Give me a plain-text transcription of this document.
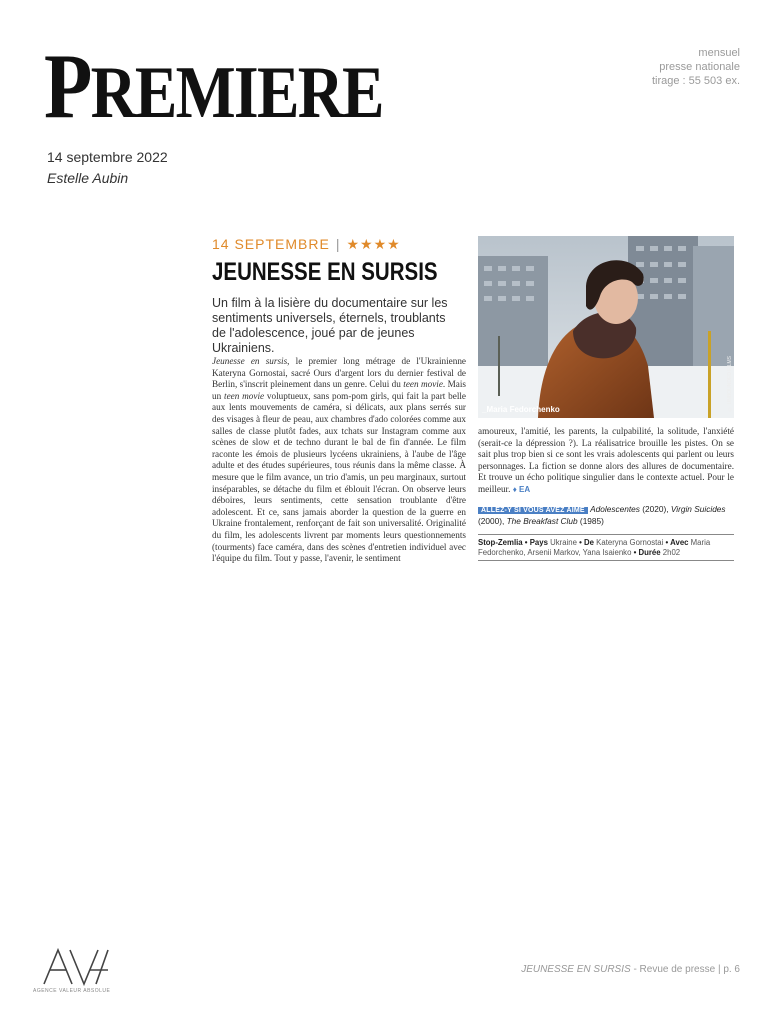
PREMIERE	mensuel
presse nationale
tirage : 55 503 ex.
14 septembre 2022
Estelle Aubin
14 SEPTEMBRE | ★★★★
JEUNESSE EN SURSIS
Un film à la lisière du documentaire sur les sentiments universels, éternels, troublants de l'adolescence, joué par de jeunes Ukrainiens.

Jeunesse en sursis, le premier long métrage de l'Ukrainienne Kateryna Gornostai, sacré Ours d'argent lors du dernier festival de Berlin, s'inscrit pleinement dans un genre. Celui du teen movie. Mais un teen movie voluptueux, sans pom-pom girls, qui fait la part belle aux lents mouvements de caméra, si délicats, aux plans serrés sur des visages à fleur de peau, aux chambres d'ado colorées comme aux salles de classe plutôt fades, aux tchats sur Instagram comme aux scènes de slow et de techno durant le bal de fin d'année. Le film raconte les émois de plusieurs lycéens ukrainiens, à l'aube de l'âge adulte et des études supérieures, tous réunis dans la même classe. À mesure que le film avance, un trio d'amis, un peu marginaux, surtout inséparables, se détache du film et éblouit l'écran. On observe leurs déboires, leurs sentiments, cette sensation troublante d'être adolescent. Et ce, sans jamais aborder la question de la guerre en Ukraine frontalement, renforçant de fait son universalité. Originalité du film, les adolescents livrent par moments leurs questionnements (tourments) face caméra, dans des scènes d'entretien individuel avec l'équipe du film. Tout y passe, l'avenir, le sentiment

_Maria Fedorchenko	© UNBOUNDED FILMS

amoureux, l'amitié, les parents, la culpabilité, la solitude, l'anxiété (serait-ce la dépression ?). La réalisatrice brouille les pistes. On se sait plus trop bien si ce sont les vrais adolescents qui parlent ou leurs personnages. La fiction se donne alors des allures de documentaire. Et trouve un écho politique singulier dans le contexte actuel. Pour le meilleur. ♦ EA

ALLEZ-Y SI VOUS AVEZ AIMÉ Adolescentes (2020), Virgin Suicides (2000), The Breakfast Club (1985)
Stop-Zemlia • Pays Ukraine • De Kateryna Gornostai • Avec Maria Fedorchenko, Arsenii Markov, Yana Isaienko • Durée 2h02
AGENCE VALEUR ABSOLUE
JEUNESSE EN SURSIS - Revue de presse | p. 6
